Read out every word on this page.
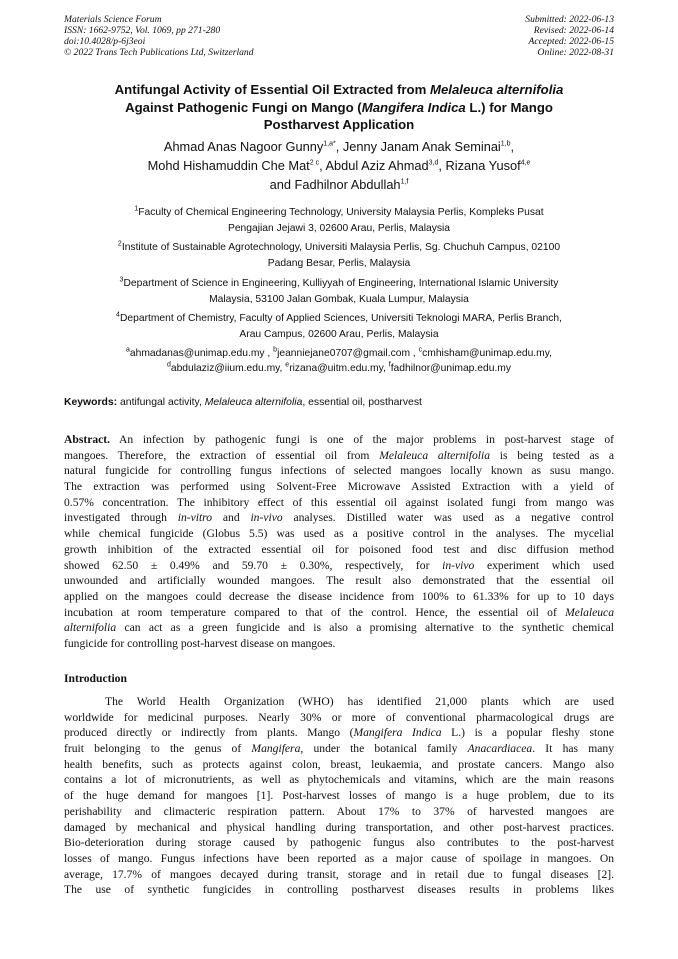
Materials Science Forum
ISSN: 1662-9752, Vol. 1069, pp 271-280
doi:10.4028/p-6j3eoi
© 2022 Trans Tech Publications Ltd, Switzerland
Submitted: 2022-06-13
Revised: 2022-06-14
Accepted: 2022-06-15
Online: 2022-08-31
Antifungal Activity of Essential Oil Extracted from Melaleuca alternifolia
Against Pathogenic Fungi on Mango (Mangifera Indica L.) for Mango
Postharvest Application
Ahmad Anas Nagoor Gunny$^{1,a*}$, Jenny Janam Anak Seminai$^{1,b}$,
Mohd Hishamuddin Che Mat$^{2 c}$, Abdul Aziz Ahmad$^{3,d}$, Rizana Yusof$^{4,e}$
and Fadhilnor Abdullah$^{1,f}$
$^1$Faculty of Chemical Engineering Technology, University Malaysia Perlis, Kompleks Pusat
Pengajian Jejawi 3, 02600 Arau, Perlis, Malaysia
$^2$Institute of Sustainable Agrotechnology, Universiti Malaysia Perlis, Sg. Chuchuh Campus, 02100
Padang Besar, Perlis, Malaysia
$^3$Department of Science in Engineering, Kulliyyah of Engineering, International Islamic University
Malaysia, 53100 Jalan Gombak, Kuala Lumpur, Malaysia
$^4$Department of Chemistry, Faculty of Applied Sciences, Universiti Teknologi MARA, Perlis Branch,
Arau Campus, 02600 Arau, Perlis, Malaysia
$^a$ahmadanas@unimap.edu.my , $^b$jeanniejane0707@gmail.com , $^c$cmhisham@unimap.edu.my,
$^d$abdulaziz@iium.edu.my, $^e$rizana@uitm.edu.my, $^f$fadhilnor@unimap.edu.my
Keywords: antifungal activity, Melaleuca alternifolia, essential oil, postharvest
Abstract. An infection by pathogenic fungi is one of the major problems in post-harvest stage of
mangoes. Therefore, the extraction of essential oil from Melaleuca alternifolia is being tested as a
natural fungicide for controlling fungus infections of selected mangoes locally known as susu mango.
The extraction was performed using Solvent-Free Microwave Assisted Extraction with a yield of
0.57% concentration. The inhibitory effect of this essential oil against isolated fungi from mango was
investigated through in-vitro and in-vivo analyses. Distilled water was used as a negative control
while chemical fungicide (Globus 5.5) was used as a positive control in the analyses. The mycelial
growth inhibition of the extracted essential oil for poisoned food test and disc diffusion method
showed 62.50 ± 0.49% and 59.70 ± 0.30%, respectively, for in-vivo experiment which used
unwounded and artificially wounded mangoes. The result also demonstrated that the essential oil
applied on the mangoes could decrease the disease incidence from 100% to 61.33% for up to 10 days
incubation at room temperature compared to that of the control. Hence, the essential oil of Melaleuca
alternifolia can act as a green fungicide and is also a promising alternative to the synthetic chemical
fungicide for controlling post-harvest disease on mangoes.
Introduction
The World Health Organization (WHO) has identified 21,000 plants which are used
worldwide for medicinal purposes. Nearly 30% or more of conventional pharmacological drugs are
produced directly or indirectly from plants. Mango (Mangifera Indica L.) is a popular fleshy stone
fruit belonging to the genus of Mangifera, under the botanical family Anacardiacea. It has many
health benefits, such as protects against colon, breast, leukaemia, and prostate cancers. Mango also
contains a lot of micronutrients, as well as phytochemicals and vitamins, which are the main reasons
of the huge demand for mangoes [1]. Post-harvest losses of mango is a huge problem, due to its
perishability and climacteric respiration pattern. About 17% to 37% of harvested mangoes are
damaged by mechanical and physical handling during transportation, and other post-harvest practices.
Bio-deterioration during storage caused by pathogenic fungus also contributes to the post-harvest
losses of mango. Fungus infections have been reported as a major cause of spoilage in mangoes. On
average, 17.7% of mangoes decayed during transit, storage and in retail due to fungal diseases [2].
The use of synthetic fungicides in controlling postharvest diseases results in problems likes
